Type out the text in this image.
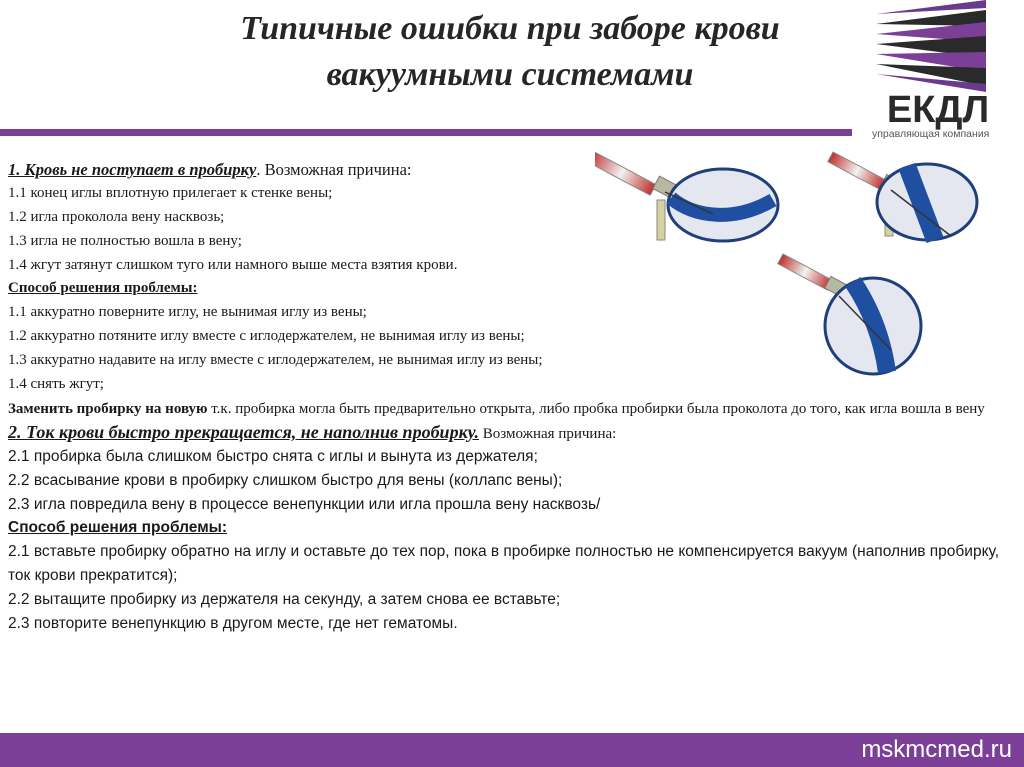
Типичные ошибки при заборе крови
вакуумными системами
ЕКДЛ
управляющая компания
1. Кровь не поступает в пробирку. Возможная причина:
1.1 конец иглы вплотную прилегает к стенке вены;
1.2 игла проколола вену насквозь;
1.3 игла не полностью вошла в вену;
1.4 жгут затянут слишком туго или намного выше места взятия крови.
Способ решения проблемы:
1.1 аккуратно поверните иглу, не вынимая иглу из вены;
1.2 аккуратно потяните иглу вместе с иглодержателем, не вынимая иглу из вены;
1.3 аккуратно надавите на иглу вместе с иглодержателем, не вынимая иглу из вены;
1.4 снять жгут;
Заменить пробирку на новую т.к. пробирка могла быть предварительно открыта, либо пробка пробирки была проколота до того, как игла вошла в вену
2. Ток крови быстро прекращается, не наполнив пробирку. Возможная причина:
2.1 пробирка была слишком быстро снята с иглы и вынута из держателя;
2.2 всасывание крови в пробирку слишком быстро для вены (коллапс вены);
2.3 игла повредила вену в процессе венепункции или игла прошла вену насквозь/
Способ решения проблемы:
2.1 вставьте пробирку обратно на иглу и оставьте до тех пор, пока в пробирке полностью не компенсируется вакуум (наполнив пробирку, ток крови прекратится);
2.2 вытащите пробирку из держателя на секунду, а затем снова ее вставьте;
2.3 повторите венепункцию в другом месте, где нет гематомы.
mskmcmed.ru
